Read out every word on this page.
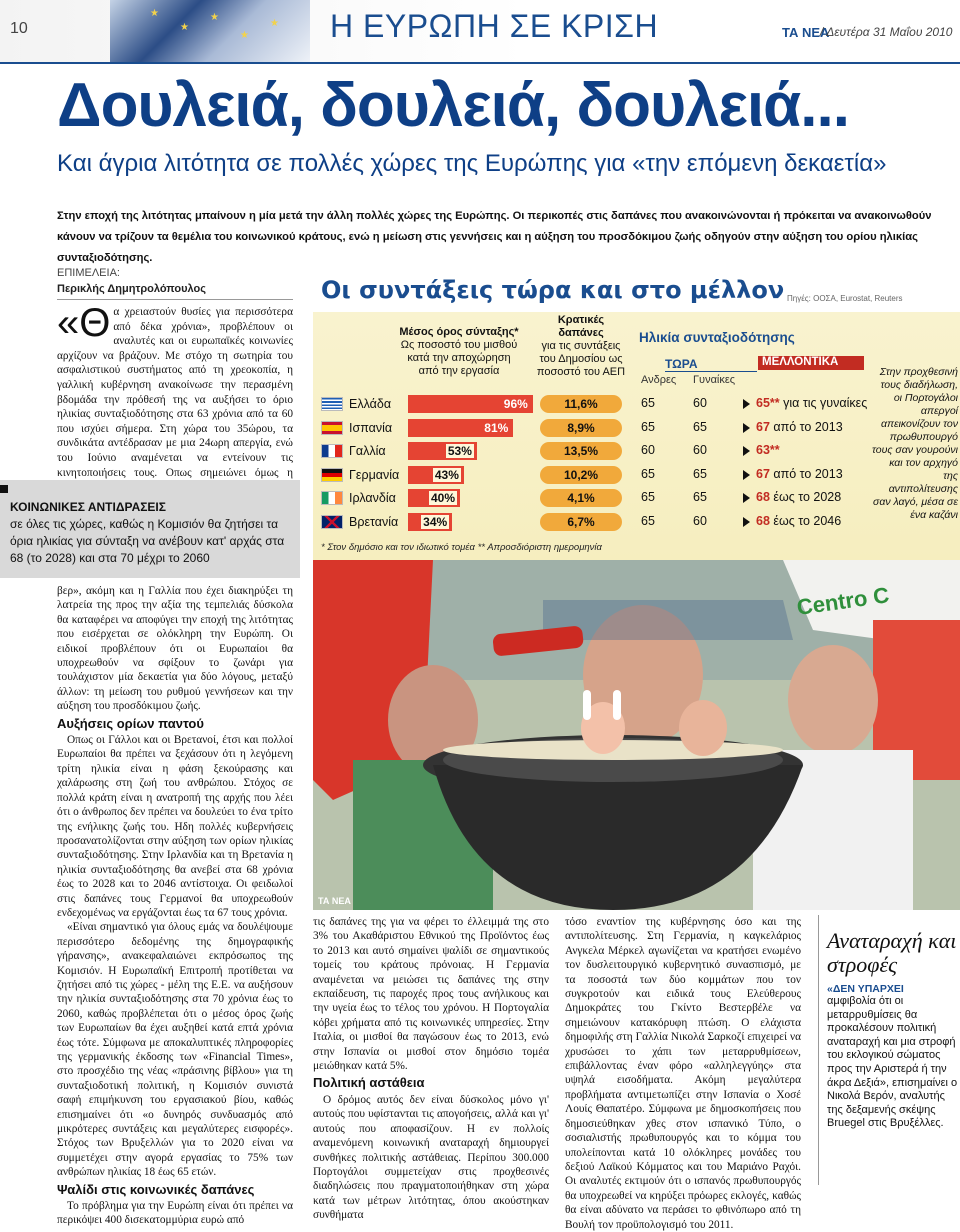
10
★
★
★
★
★ Η ΕΥΡΩΠΗ ΣΕ ΚΡΙΣΗ	ΤΑ ΝΕΑ
/ Δευτέρα 31 Μαΐου 2010
Δουλειά, δουλειά, δουλειά...
Και άγρια λιτότητα σε πολλές χώρες της Ευρώπης για «την επόμενη δεκαετία»
Στην εποχή της λιτότητας μπαίνουν η μία μετά την άλλη πολλές χώρες της Ευρώπης. Οι περικοπές στις δαπάνες που ανακοινώνονται ή πρόκειται να ανακοινωθούν κάνουν να τρίζουν τα θεμέλια του κοινωνικού κράτους, ενώ η μείωση στις γεννήσεις και η αύξηση του προσδόκιμου ζωής οδηγούν στην αύξηση του ορίου ηλικίας συνταξιοδότησης.
ΕΠΙΜΕΛΕΙΑ:
Περικλής Δημητρολόπουλος
«Θα χρειαστούν θυσίες για περισσότερα από δέκα χρόνια», προβλέπουν οι αναλυτές και οι ευρωπαϊκές κοινωνίες αρχίζουν να βράζουν. Με στόχο τη σωτηρία του ασφαλιστικού συστήματος από τη χρεοκοπία, η γαλλική κυβέρνηση ανακοίνωσε την περασμένη βδομάδα την πρόθεσή της να αυξήσει το όριο ηλικίας συνταξιοδότησης στα 63 χρόνια από τα 60 που ισχύει σήμερα. Στη χώρα του 35ώρου, τα συνδικάτα αντέδρασαν με μια 24ωρη απεργία, ενώ του Ιούνιο αναμένεται να εντείνουν τις κινητοποιήσεις τους. Οπως σημειώνει όμως η
ΚΟΙΝΩΝΙΚΕΣ ΑΝΤΙΔΡΑΣΕΙΣ

σε όλες τις χώρες, καθώς η Κομισιόν θα ζητήσει τα όρια ηλικίας για σύνταξη να ανέβουν κατ' αρχάς στα 68 (το 2028) και στα 70 μέχρι το 2060

Οι συντάξεις τώρα και στο μέλλον Πηγές: ΟΟΣΑ, Eurostat, Reuters
Μέσος όρος σύνταξης*
Ως ποσοστό του μισθού κατά την αποχώρηση από την εργασία
Κρατικές δαπάνες
για τις συντάξεις του Δημοσίου ως ποσοστό του ΑΕΠ
Ηλικία συνταξιοδότησης
ΤΩΡΑ	ΜΕΛΛΟΝΤΙΚΑ
Ανδρες Γυναίκες
Ελλάδα	96%	11,6%	65	60	65** για τις γυναίκες
Ισπανία	81%	8,9%	65	65	67 από το 2013
Γαλλία	53%	13,5%	60	60	63**
Γερμανία	43%	10,2%	65	65	67 από το 2013
Ιρλανδία	40%	4,1%	65	65	68 έως το 2028
Βρετανία 34%	6,7%	65	60	68 έως το 2046
* Στον δημόσιο και τον ιδιωτικό τομέα ** Απροσδιόριστη ημερομηνία
Στην προχθεσινή τους διαδήλωση, οι Πορτογάλοι απεργοί απεικονίζουν τον πρωθυπουργό τους σαν γουρούνι και τον αρχηγό της αντιπολίτευσης σαν λαγό, μέσα σε ένα καζάνι
Centro C
ΤΑ ΝΕΑ

βερ», ακόμη και η Γαλλία που έχει διακηρύξει τη λατρεία της προς την αξία της τεμπελιάς δύσκολα θα καταφέρει να αποφύγει την εποχή της λιτότητας που εισέρχεται σε ολόκληρη την Ευρώπη. Οι ειδικοί προβλέπουν ότι οι Ευρωπαίοι θα υποχρεωθούν να σφίξουν το ζωνάρι για τουλάχιστον μία δεκαετία για δύο λόγους, μεταξύ άλλων: τη μείωση του ρυθμού γεννήσεων και την αύξηση του προσδόκιμου ζωής.

Αυξήσεις ορίων παντού

Οπως οι Γάλλοι και οι Βρετανοί, έτσι και πολλοί Ευρωπαίοι θα πρέπει να ξεχάσουν ότι η λεγόμενη τρίτη ηλικία είναι η φάση ξεκούρασης και χαλάρωσης στη ζωή του ανθρώπου. Στόχος σε πολλά κράτη είναι η ανατροπή της αρχής που λέει ότι ο άνθρωπος δεν πρέπει να δουλεύει το ένα τρίτο της ενήλικης ζωής του. Ηδη πολλές κυβερνήσεις προσανατολίζονται στην αύξηση των ορίων ηλικίας συνταξιοδότησης. Στην Ιρλανδία και τη Βρετανία η ηλικία συνταξιοδότησης θα ανεβεί στα 68 χρόνια έως το 2028 και το 2046 αντίστοιχα. Οι φειδωλοί στις δαπάνες τους Γερμανοί θα υποχρεωθούν ενδεχομένως να εργάζονται έως τα 67 τους χρόνια.

«Είναι σημαντικό για όλους εμάς να δουλέψουμε περισσότερο δεδομένης της δημογραφικής γήρανσης», ανακεφαλαιώνει εκπρόσωπος της Κομισιόν. Η Ευρωπαϊκή Επιτροπή προτίθεται να ζητήσει από τις χώρες - μέλη της Ε.Ε. να αυξήσουν την ηλικία συνταξιοδότησης στα 70 χρόνια έως το 2060, καθώς προβλέπεται ότι ο μέσος όρος ζωής των Ευρωπαίων θα έχει αυξηθεί κατά επτά χρόνια έως τότε. Σύμφωνα με αποκαλυπτικές πληροφορίες της γερμανικής έκδοσης των «Financial Times», στο προσχέδιο της νέας «πράσινης βίβλου» για τη συνταξιοδοτική πολιτική, η Κομισιόν συνιστά σαφή επιμήκυνση του εργασιακού βίου, καθώς επισημαίνει ότι «ο δυνηρός συνδυασμός από μικρότερες συντάξεις και μεγαλύτερες εισφορές». Στόχος των Βρυξελλών για το 2020 είναι να συμμετέχει στην αγορά εργασίας το 75% των ανθρώπων ηλικίας 18 έως 65 ετών.

Ψαλίδι στις κοινωνικές δαπάνες

Το πρόβλημα για την Ευρώπη είναι ότι πρέπει να περικόψει 400 δισεκατομμύρια ευρώ από

τις δαπάνες της για να φέρει το έλλειμμά της στο 3% του Ακαθάριστου Εθνικού της Προϊόντος έως το 2013 και αυτό σημαίνει ψαλίδι σε σημαντικούς τομείς του κράτους πρόνοιας. Η Γερμανία αναμένεται να μειώσει τις δαπάνες της στην εκπαίδευση, τις παροχές προς τους ανήλικους και την υγεία έως το τέλος του χρόνου. Η Πορτογαλία κόβει χρήματα από τις κοινωνικές υπηρεσίες. Στην Ιταλία, οι μισθοί θα παγώσουν έως το 2013, ενώ στην Ισπανία οι μισθοί στον δημόσιο τομέα μειώθηκαν κατά 5%.

Πολιτική αστάθεια

Ο δρόμος αυτός δεν είναι δύσκολος μόνο γι' αυτούς που υφίστανται τις απογοήσεις, αλλά και γι' αυτούς που αποφασίζουν. Η εν πολλοίς αναμενόμενη κοινωνική αναταραχή δημιουργεί συνθήκες πολιτικής αστάθειας. Περίπου 300.000 Πορτογάλοι συμμετείχαν στις προχθεσινές διαδηλώσεις που πραγματοποιήθηκαν στη χώρα κατά των μέτρων λιτότητας, όπου ακούστηκαν συνθήματα

τόσο εναντίον της κυβέρνησης όσο και της αντιπολίτευσης. Στη Γερμανία, η καγκελάριος Ανγκελα Μέρκελ αγωνίζεται να κρατήσει ενωμένο τον δυσλειτουργικό κυβερνητικό συνασπισμό, με τα ποσοστά των δύο κομμάτων που τον συγκροτούν και ειδικά τους Ελεύθερους Δημοκράτες του Γκίντο Βεστερβέλε να σημειώνουν κατακόρυφη πτώση. Ο ελάχιστα δημοφιλής στη Γαλλία Νικολά Σαρκοζί επιχειρεί να χρυσώσει το χάπι των μεταρρυθμίσεων, επιβάλλοντας έναν φόρο «αλληλεγγύης» στα υψηλά εισοδήματα. Ακόμη μεγαλύτερα προβλήματα αντιμετωπίζει στην Ισπανία ο Χοσέ Λουίς Θαπατέρο. Σύμφωνα με δημοσκοπήσεις που δημοσιεύθηκαν χθες στον ισπανικό Τύπο, ο σοσιαλιστής πρωθυπουργός και το κόμμα του υπολείπονται κατά 10 ολόκληρες μονάδες του δεξιού Λαϊκού Κόμματος και του Μαριάνο Ραχόι. Οι αναλυτές εκτιμούν ότι ο ισπανός πρωθυπουργός θα υποχρεωθεί να κηρύξει πρόωρες εκλογές, καθώς θα είναι αδύνατο να περάσει το φθινόπωρο από τη Βουλή τον προϋπολογισμό του 2011.

Αναταραχή και στροφές
«ΔΕΝ ΥΠΑΡΧΕΙ

αμφιβολία ότι οι μεταρρυθμίσεις θα προκαλέσουν πολιτική αναταραχή και μια στροφή του εκλογικού σώματος προς την Αριστερά ή την άκρα Δεξιά», επισημαίνει ο Νικολά Βερόν, αναλυτής της δεξαμενής σκέψης Bruegel στις Βρυξέλλες.
